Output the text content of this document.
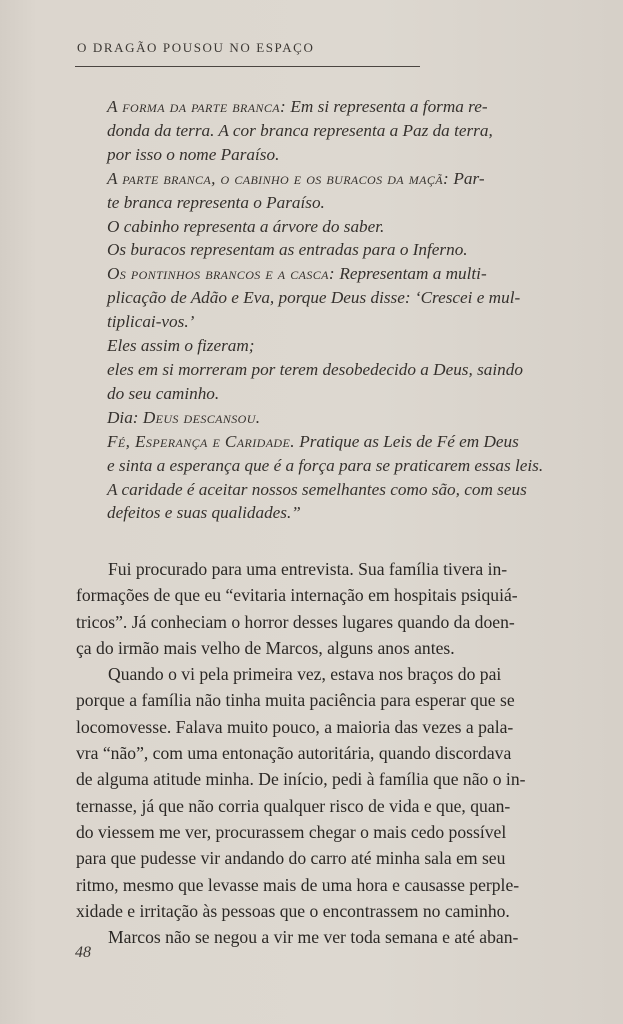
O DRAGÃO POUSOU NO ESPAÇO
A forma da parte branca: Em si representa a forma re-
donda da terra. A cor branca representa a Paz da terra,
por isso o nome Paraíso.
A parte branca, o cabinho e os buracos da maçã: Par-
te branca representa o Paraíso.
O cabinho representa a árvore do saber.
Os buracos representam as entradas para o Inferno.
Os pontinhos brancos e a casca: Representam a multi-
plicação de Adão e Eva, porque Deus disse: ‘Crescei e mul-
tiplicai-vos.’
Eles assim o fizeram;
eles em si morreram por terem desobedecido a Deus, saindo
do seu caminho.
Dia: Deus descansou.
Fé, Esperança e Caridade. Pratique as Leis de Fé em Deus
e sinta a esperança que é a força para se praticarem essas leis.
A caridade é aceitar nossos semelhantes como são, com seus
defeitos e suas qualidades.”
Fui procurado para uma entrevista. Sua família tivera in-
formações de que eu “evitaria internação em hospitais psiquiá-
tricos”. Já conheciam o horror desses lugares quando da doen-
ça do irmão mais velho de Marcos, alguns anos antes.
Quando o vi pela primeira vez, estava nos braços do pai
porque a família não tinha muita paciência para esperar que se
locomovesse. Falava muito pouco, a maioria das vezes a pala-
vra “não”, com uma entonação autoritária, quando discordava
de alguma atitude minha. De início, pedi à família que não o in-
ternasse, já que não corria qualquer risco de vida e que, quan-
do viessem me ver, procurassem chegar o mais cedo possível
para que pudesse vir andando do carro até minha sala em seu
ritmo, mesmo que levasse mais de uma hora e causasse perple-
xidade e irritação às pessoas que o encontrassem no caminho.
Marcos não se negou a vir me ver toda semana e até aban-
48
